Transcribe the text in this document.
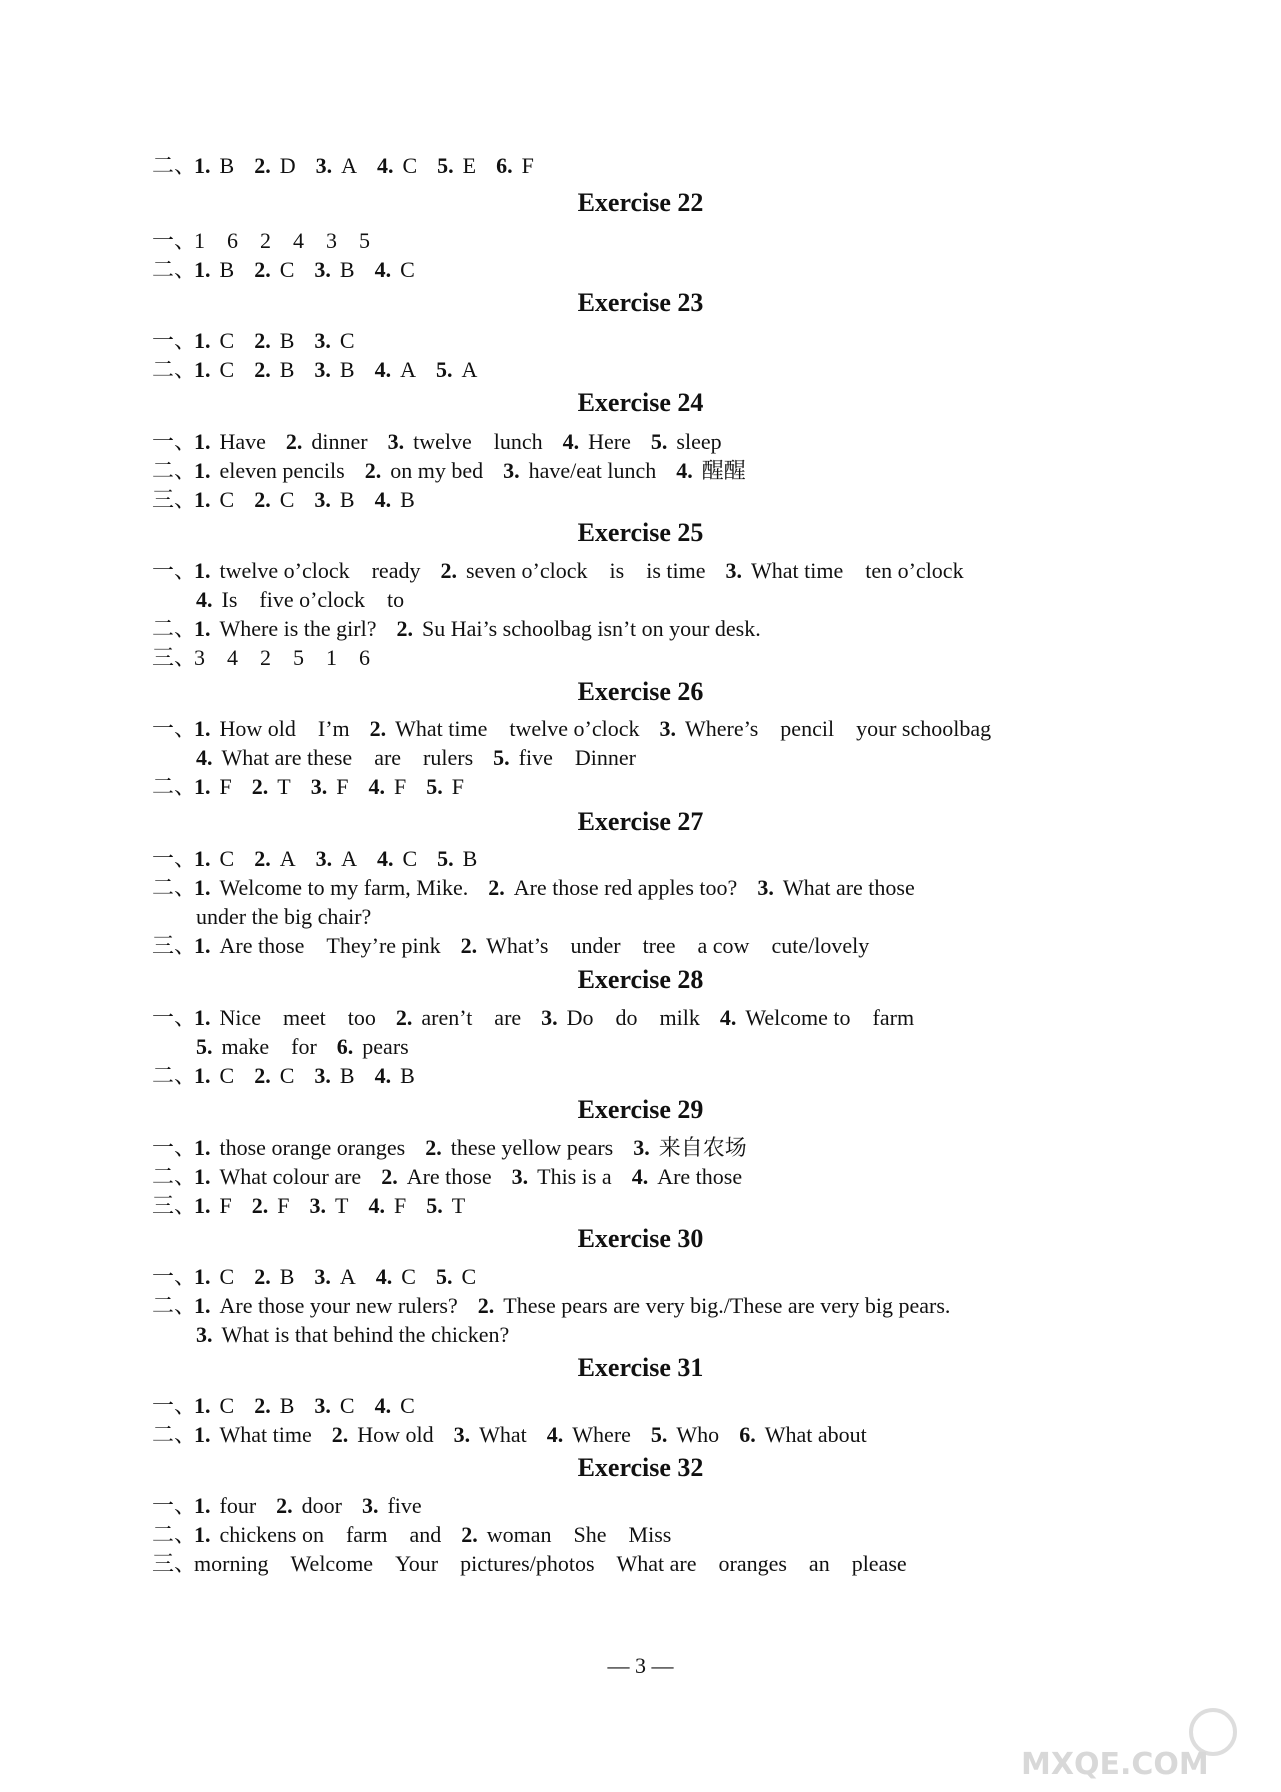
二、
1. B 2. D 3. A 4. C 5. E 6. F
Exercise 22
一、
1　6　2　4　3　5
二、
1. B 2. C 3. B 4. C
Exercise 23
一、
1. C 2. B 3. C
二、
1. C 2. B 3. B 4. A 5. A
Exercise 24
一、
1. Have 2. dinner 3. twelve　lunch 4. Here 5. sleep
二、
1. eleven pencils 2. on my bed 3. have/eat lunch 4. 醒醒
三、
1. C 2. C 3. B 4. B
Exercise 25
一、
1. twelve o’clock　ready 2. seven o’clock　is　is time 3. What time　ten o’clock
4. Is　five o’clock　to
二、
1. Where is the girl? 2. Su Hai’s schoolbag isn’t on your desk.
三、
3　4　2　5　1　6
Exercise 26
一、
1. How old　I’m 2. What time　twelve o’clock 3. Where’s　pencil　your schoolbag
4. What are these　are　rulers 5. five　Dinner
二、
1. F 2. T 3. F 4. F 5. F
Exercise 27
一、
1. C 2. A 3. A 4. C 5. B
二、
1. Welcome to my farm, Mike. 2. Are those red apples too? 3. What are those
under the big chair?
三、
1. Are those　They’re pink 2. What’s　under　tree　a cow　cute/lovely
Exercise 28
一、
1. Nice　meet　too 2. aren’t　are 3. Do　do　milk 4. Welcome to　farm
5. make　for 6. pears
二、
1. C 2. C 3. B 4. B
Exercise 29
一、
1. those orange oranges 2. these yellow pears 3. 来自农场
二、
1. What colour are 2. Are those 3. This is a 4. Are those
三、
1. F 2. F 3. T 4. F 5. T
Exercise 30
一、
1. C 2. B 3. A 4. C 5. C
二、
1. Are those your new rulers? 2. These pears are very big./These are very big pears.
3. What is that behind the chicken?
Exercise 31
一、
1. C 2. B 3. C 4. C
二、
1. What time 2. How old 3. What 4. Where 5. Who 6. What about
Exercise 32
一、
1. four 2. door 3. five
二、
1. chickens on　farm　and 2. woman　She　Miss
三、
morning　Welcome　Your　pictures/photos　What are　oranges　an　please
— 3 —
MXQE.COM
